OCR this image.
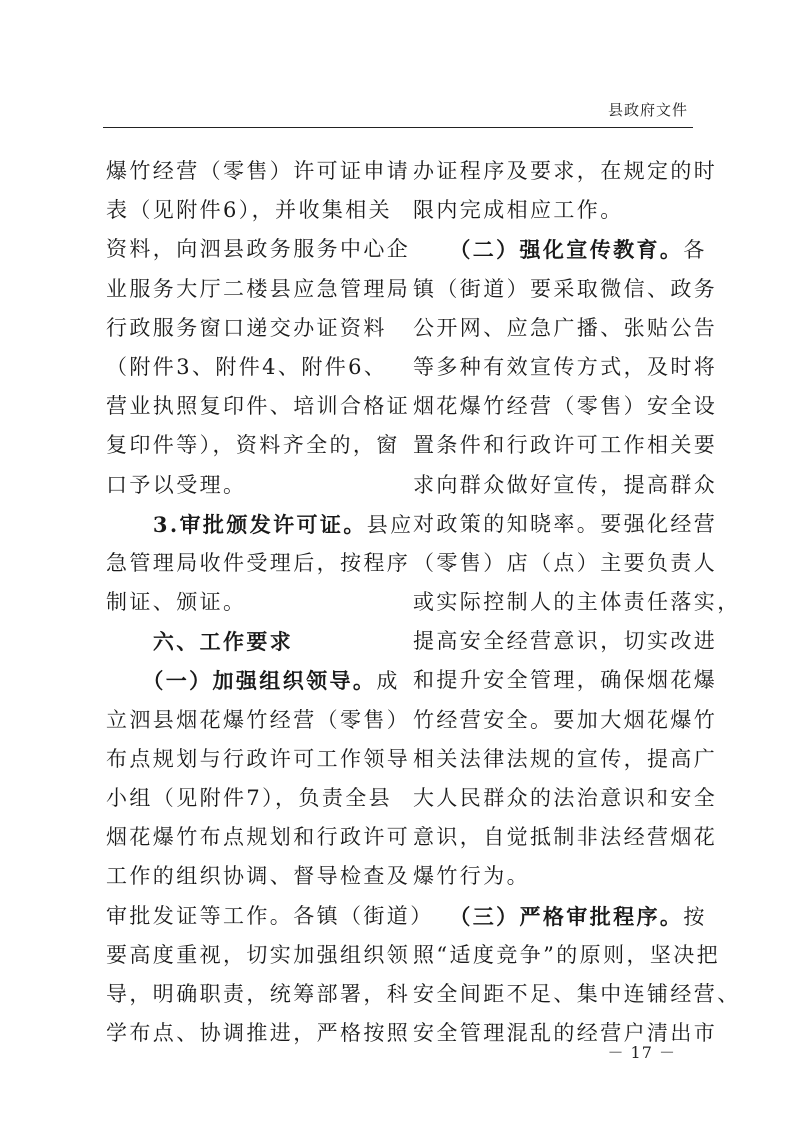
县政府文件
爆竹经营（零售）许可证申请
表（见附件6），并收集相关
资料，向泗县政务服务中心企
业服务大厅二楼县应急管理局
行政服务窗口递交办证资料
（附件3、附件4、附件6、
营业执照复印件、培训合格证
复印件等），资料齐全的，窗
口予以受理。
　　3.审批颁发许可证。县应
急管理局收件受理后，按程序
制证、颁证。
　　六、工作要求
　　（一）加强组织领导。成
立泗县烟花爆竹经营（零售）
布点规划与行政许可工作领导
小组（见附件7），负责全县
烟花爆竹布点规划和行政许可
工作的组织协调、督导检查及
审批发证等工作。各镇（街道）
要高度重视，切实加强组织领
导，明确职责，统筹部署，科
学布点、协调推进，严格按照
办证程序及要求，在规定的时
限内完成相应工作。
　　（二）强化宣传教育。各
镇（街道）要采取微信、政务
公开网、应急广播、张贴公告
等多种有效宣传方式，及时将
烟花爆竹经营（零售）安全设
置条件和行政许可工作相关要
求向群众做好宣传，提高群众
对政策的知晓率。要强化经营
（零售）店（点）主要负责人
或实际控制人的主体责任落实，
提高安全经营意识，切实改进
和提升安全管理，确保烟花爆
竹经营安全。要加大烟花爆竹
相关法律法规的宣传，提高广
大人民群众的法治意识和安全
意识，自觉抵制非法经营烟花
爆竹行为。
　　（三）严格审批程序。按
照“适度竞争”的原则，坚决把
安全间距不足、集中连铺经营、
安全管理混乱的经营户清出市
－ 17 －
